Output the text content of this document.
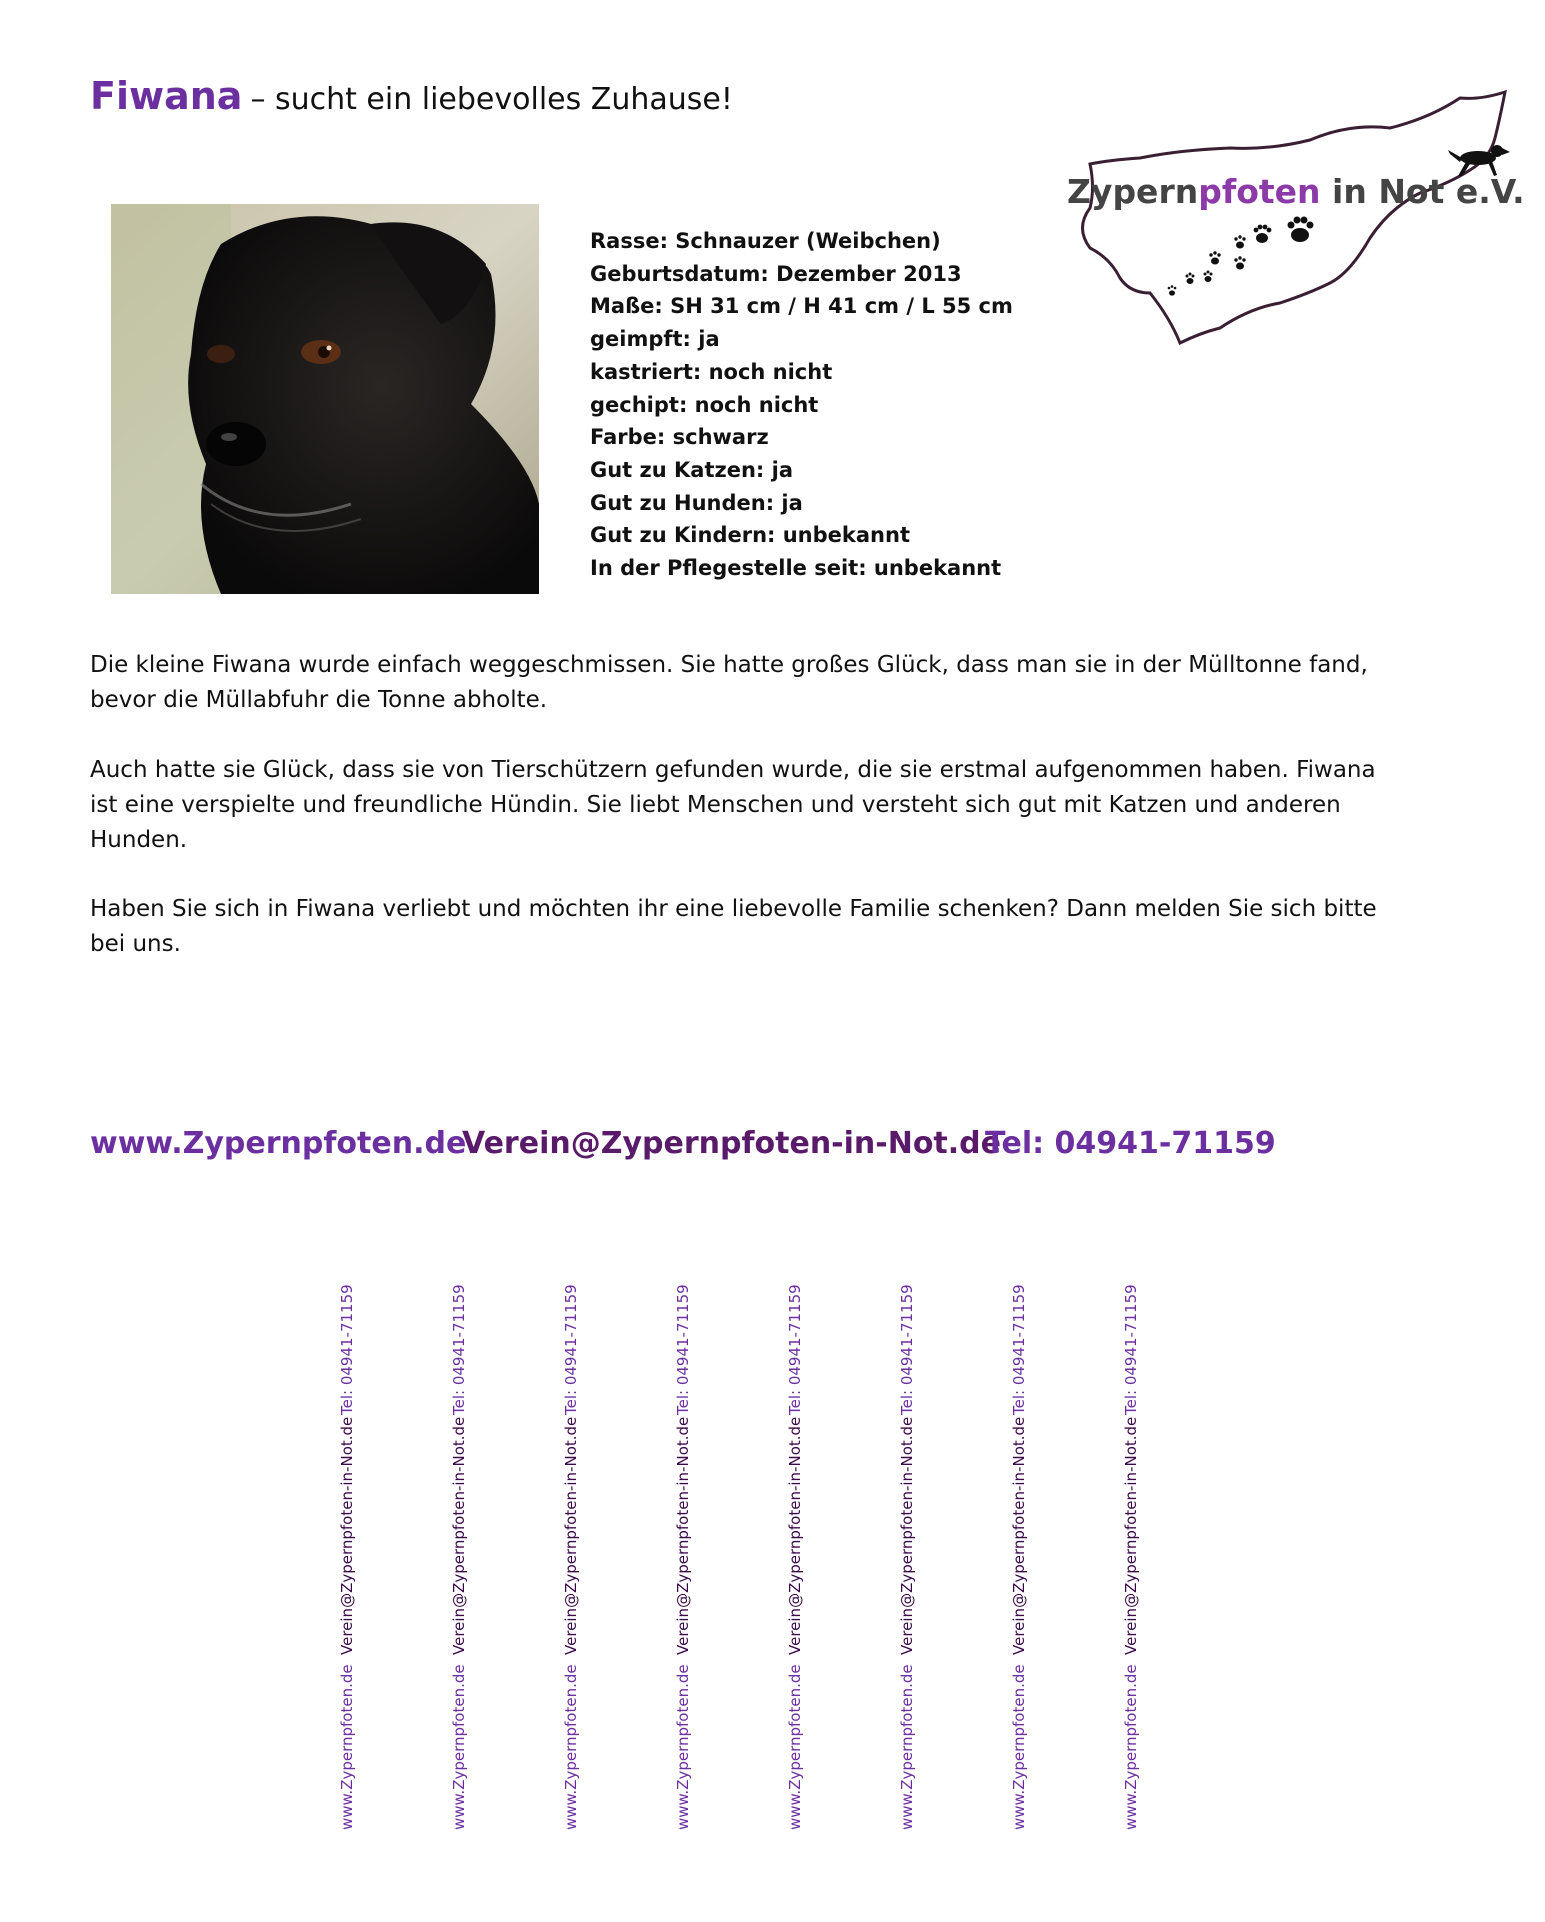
Fiwana – sucht ein liebevolles Zuhause!
Rasse: Schnauzer (Weibchen)
Geburtsdatum: Dezember 2013
Maße: SH 31 cm / H 41 cm / L 55 cm
geimpft: ja
kastriert: noch nicht
gechipt: noch nicht
Farbe: schwarz
Gut zu Katzen: ja
Gut zu Hunden: ja
Gut zu Kindern: unbekannt
In der Pflegestelle seit: unbekannt
Zypernpfoten in Not e.V.

Die kleine Fiwana wurde einfach weggeschmissen. Sie hatte großes Glück, dass man sie in der Mülltonne fand, bevor die Müllabfuhr die Tonne abholte.

Auch hatte sie Glück, dass sie von Tierschützern gefunden wurde, die sie erstmal aufgenommen haben. Fiwana ist eine verspielte und freundliche Hündin. Sie liebt Menschen und versteht sich gut mit Katzen und anderen Hunden.

Haben Sie sich in Fiwana verliebt und möchten ihr eine liebevolle Familie schenken? Dann melden Sie sich bitte bei uns.

www.Zypernpfoten.de
Verein@Zypernpfoten-in-Not.de
Tel: 04941-71159
Tel: 04941-71159
Verein@Zypernpfoten-in-Not.de
www.Zypernpfoten.de
Tel: 04941-71159
Verein@Zypernpfoten-in-Not.de
www.Zypernpfoten.de
Tel: 04941-71159
Verein@Zypernpfoten-in-Not.de
www.Zypernpfoten.de
Tel: 04941-71159
Verein@Zypernpfoten-in-Not.de
www.Zypernpfoten.de
Tel: 04941-71159
Verein@Zypernpfoten-in-Not.de
www.Zypernpfoten.de
Tel: 04941-71159
Verein@Zypernpfoten-in-Not.de
www.Zypernpfoten.de
Tel: 04941-71159
Verein@Zypernpfoten-in-Not.de
www.Zypernpfoten.de
Tel: 04941-71159
Verein@Zypernpfoten-in-Not.de
www.Zypernpfoten.de
